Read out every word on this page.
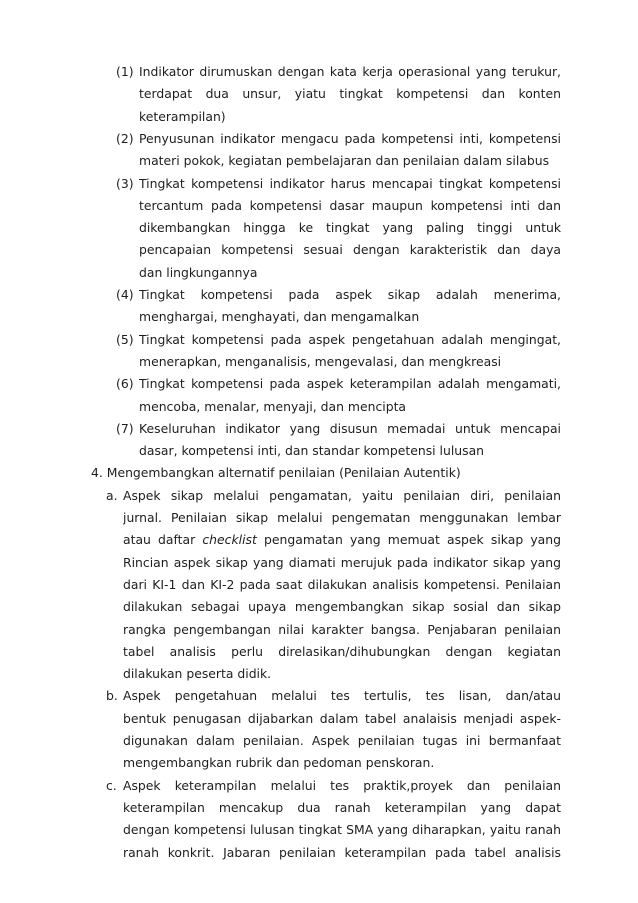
(1) Indikator dirumuskan dengan kata kerja operasional yang terukur,
terdapat dua unsur, yiatu tingkat kompetensi dan konten
keterampilan)
(2) Penyusunan indikator mengacu pada kompetensi inti, kompetensi
materi pokok, kegiatan pembelajaran dan penilaian dalam silabus
(3) Tingkat kompetensi indikator harus mencapai tingkat kompetensi
tercantum pada kompetensi dasar maupun kompetensi inti dan
dikembangkan hingga ke tingkat yang paling tinggi untuk
pencapaian kompetensi sesuai dengan karakteristik dan daya
dan lingkungannya
(4) Tingkat kompetensi pada aspek sikap adalah menerima,
menghargai, menghayati, dan mengamalkan
(5) Tingkat kompetensi pada aspek pengetahuan adalah mengingat,
menerapkan, menganalisis, mengevalasi, dan mengkreasi
(6) Tingkat kompetensi pada aspek keterampilan adalah mengamati,
mencoba, menalar, menyaji, dan mencipta
(7) Keseluruhan indikator yang disusun memadai untuk mencapai
dasar, kompetensi inti, dan standar kompetensi lulusan
4. Mengembangkan alternatif penilaian (Penilaian Autentik)
a. Aspek sikap melalui pengamatan, yaitu penilaian diri, penilaian
jurnal. Penilaian sikap melalui pengematan menggunakan lembar
atau daftar checklist pengamatan yang memuat aspek sikap yang
Rincian aspek sikap yang diamati merujuk pada indikator sikap yang
dari KI-1 dan KI-2 pada saat dilakukan analisis kompetensi. Penilaian
dilakukan sebagai upaya mengembangkan sikap sosial dan sikap
rangka pengembangan nilai karakter bangsa. Penjabaran penilaian
tabel analisis perlu direlasikan/dihubungkan dengan kegiatan
dilakukan peserta didik.
b. Aspek pengetahuan melalui tes tertulis, tes lisan, dan/atau
bentuk penugasan dijabarkan dalam tabel analaisis menjadi aspek-
digunakan dalam penilaian. Aspek penilaian tugas ini bermanfaat
mengembangkan rubrik dan pedoman penskoran.
c. Aspek keterampilan melalui tes praktik,proyek dan penilaian
keterampilan mencakup dua ranah keterampilan yang dapat
dengan kompetensi lulusan tingkat SMA yang diharapkan, yaitu ranah
ranah konkrit. Jabaran penilaian keterampilan pada tabel analisis
